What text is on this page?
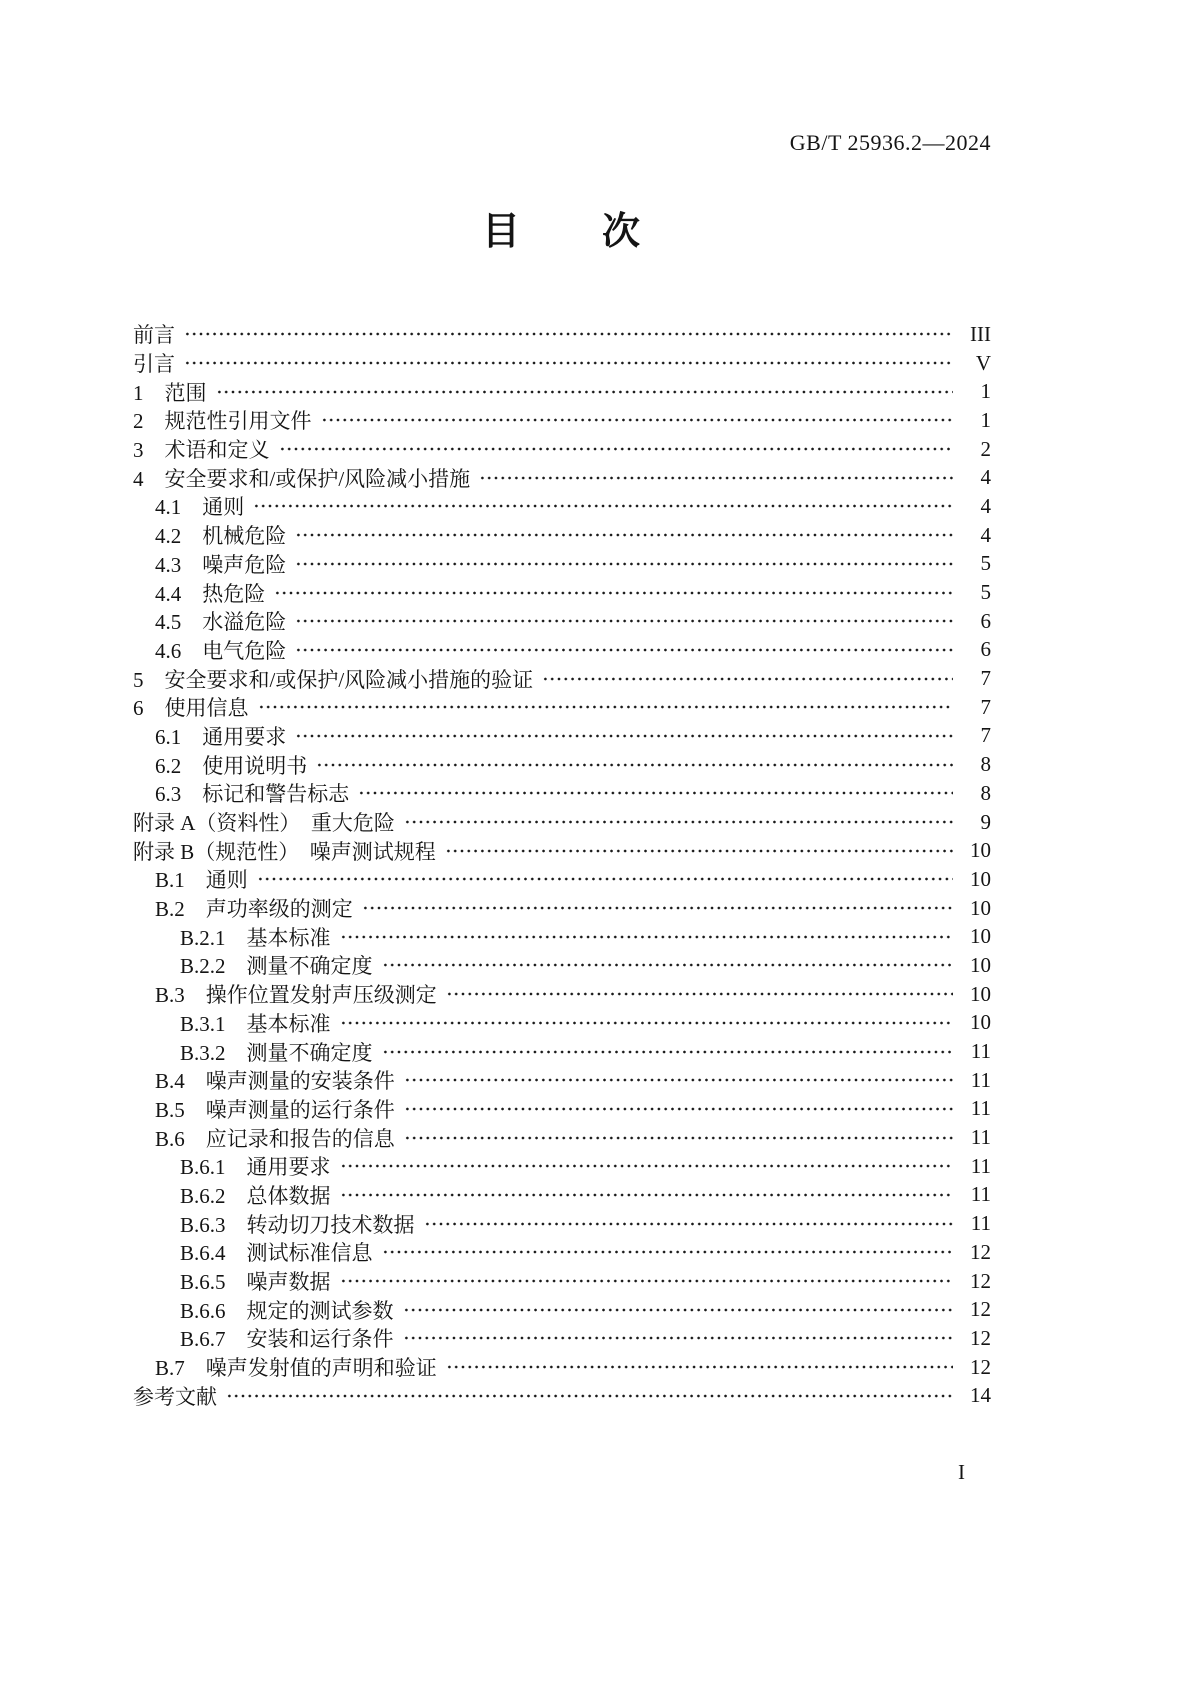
GB/T 25936.2—2024
目　　次
前言	III
引言	V
1　范围	1
2　规范性引用文件	1
3　术语和定义	2
4　安全要求和/或保护/风险减小措施	4
4.1　通则	4
4.2　机械危险	4
4.3　噪声危险	5
4.4　热危险	5
4.5　水溢危险	6
4.6　电气危险	6
5　安全要求和/或保护/风险减小措施的验证	7
6　使用信息	7
6.1　通用要求	7
6.2　使用说明书	8
6.3　标记和警告标志	8
附录 A（资料性）　重大危险	9
附录 B（规范性）　噪声测试规程	10
B.1　通则	10
B.2　声功率级的测定	10
B.2.1　基本标准	10
B.2.2　测量不确定度	10
B.3　操作位置发射声压级测定	10
B.3.1　基本标准	10
B.3.2　测量不确定度	11
B.4　噪声测量的安装条件	11
B.5　噪声测量的运行条件	11
B.6　应记录和报告的信息	11
B.6.1　通用要求	11
B.6.2　总体数据	11
B.6.3　转动切刀技术数据	11
B.6.4　测试标准信息	12
B.6.5　噪声数据	12
B.6.6　规定的测试参数	12
B.6.7　安装和运行条件	12
B.7　噪声发射值的声明和验证	12
参考文献	14
I
